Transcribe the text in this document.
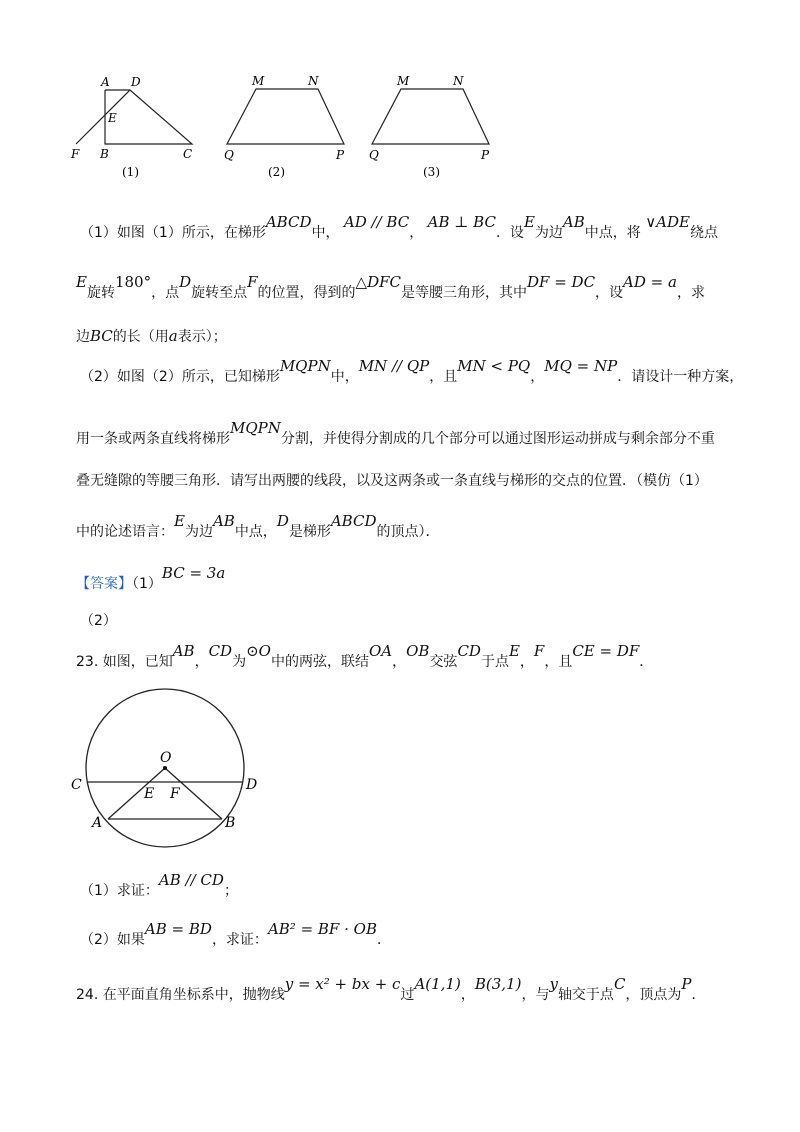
A D
E
F B	C
(1)
M	N
Q	P
(2)
M	N
Q	P
(3)
（1）如图（1）所示，在梯形ABCD中， AD // BC， AB ⊥ BC．设E为边AB中点，将 ∨ADE绕点
E旋转180°，点D旋转至点F的位置，得到的△DFC是等腰三角形，其中DF = DC，设AD = a，求
边BC的长（用a表示）；
（2）如图（2）所示，已知梯形MQPN中，MN // QP，且MN < PQ，MQ = NP．请设计一种方案，
用一条或两条直线将梯形MQPN分割，并使得分割成的几个部分可以通过图形运动拼成与剩余部分不重
叠无缝隙的等腰三角形．请写出两腰的线段，以及这两条或一条直线与梯形的交点的位置．（模仿（1）
中的论述语言：E为边AB中点，D是梯形ABCD的顶点）．
【答案】（1）BC = 3a
（2）
23. 如图，已知AB，CD为⊙O中的两弦，联结OA，OB交弦CD于点E，F，且CE = DF．
O
C	D
E F
A	B
（1）求证：AB // CD；
（2）如果AB = BD，求证：AB² = BF · OB．
24. 在平面直角坐标系中，抛物线y = x² + bx + c过A(1,1)，B(3,1)，与y轴交于点C，顶点为P．
